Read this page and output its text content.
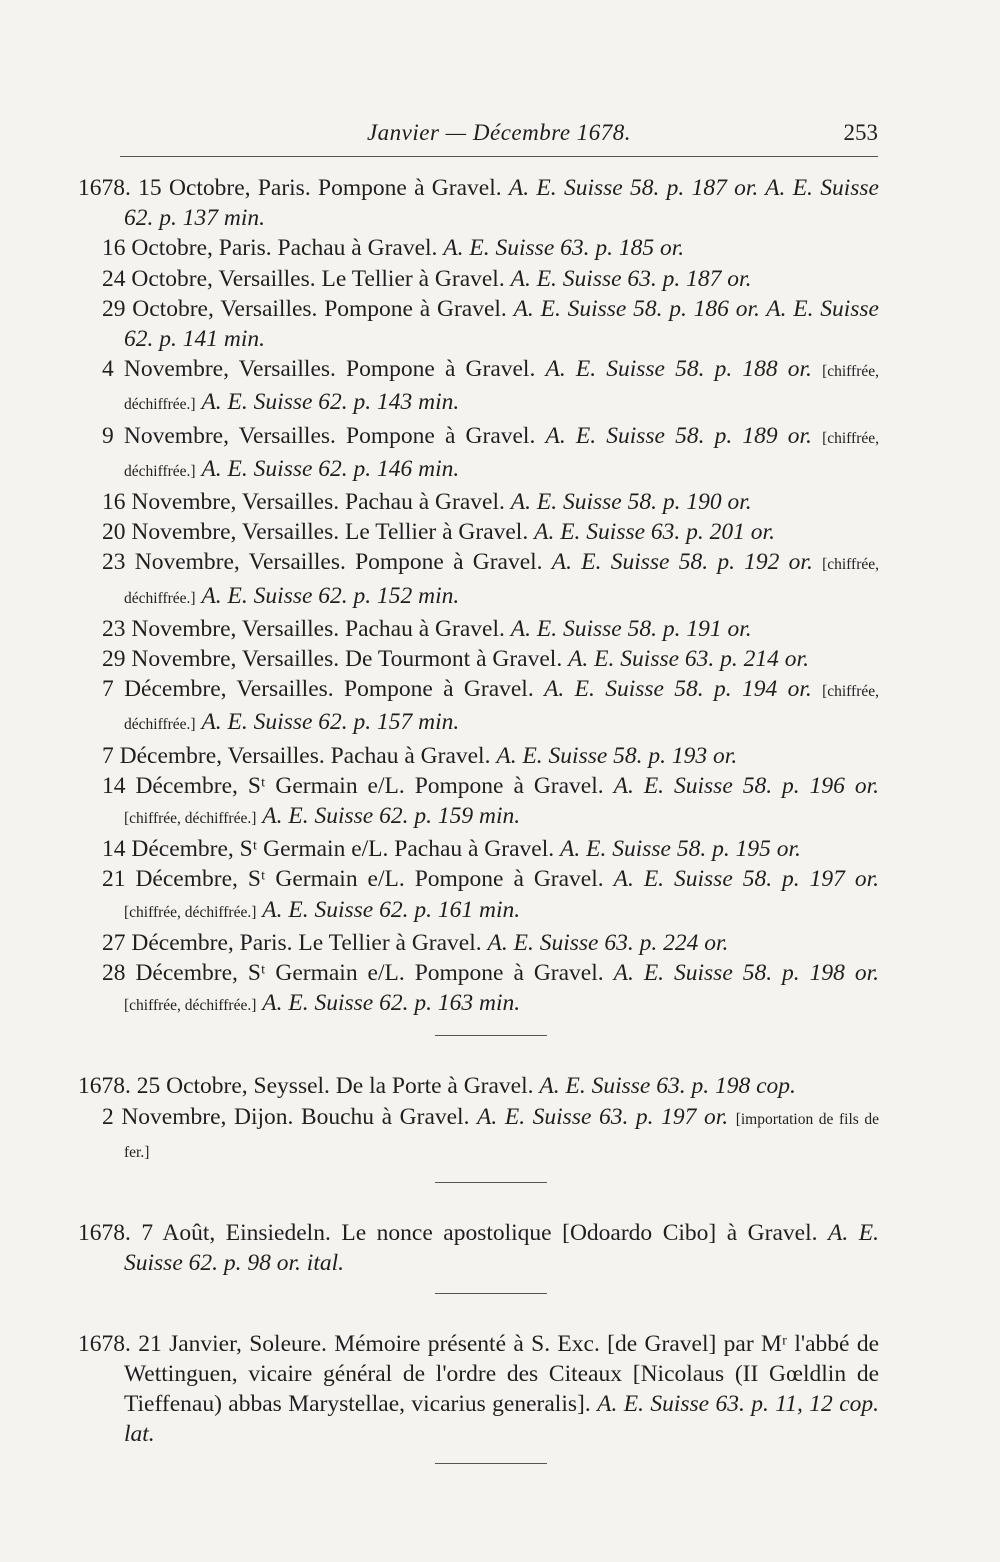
Janvier — Décembre 1678.	253

1678. 15 Octobre, Paris. Pompone à Gravel. A. E. Suisse 58. p. 187 or. A. E. Suisse 62. p. 137 min.

16 Octobre, Paris. Pachau à Gravel. A. E. Suisse 63. p. 185 or.

24 Octobre, Versailles. Le Tellier à Gravel. A. E. Suisse 63. p. 187 or.

29 Octobre, Versailles. Pompone à Gravel. A. E. Suisse 58. p. 186 or. A. E. Suisse 62. p. 141 min.

4 Novembre, Versailles. Pompone à Gravel. A. E. Suisse 58. p. 188 or. [chiffrée, déchiffrée.] A. E. Suisse 62. p. 143 min.

9 Novembre, Versailles. Pompone à Gravel. A. E. Suisse 58. p. 189 or. [chiffrée, déchiffrée.] A. E. Suisse 62. p. 146 min.

16 Novembre, Versailles. Pachau à Gravel. A. E. Suisse 58. p. 190 or.

20 Novembre, Versailles. Le Tellier à Gravel. A. E. Suisse 63. p. 201 or.

23 Novembre, Versailles. Pompone à Gravel. A. E. Suisse 58. p. 192 or. [chiffrée, déchiffrée.] A. E. Suisse 62. p. 152 min.

23 Novembre, Versailles. Pachau à Gravel. A. E. Suisse 58. p. 191 or.

29 Novembre, Versailles. De Tourmont à Gravel. A. E. Suisse 63. p. 214 or.

7 Décembre, Versailles. Pompone à Gravel. A. E. Suisse 58. p. 194 or. [chiffrée, déchiffrée.] A. E. Suisse 62. p. 157 min.

7 Décembre, Versailles. Pachau à Gravel. A. E. Suisse 58. p. 193 or.

14 Décembre, Sᵗ Germain e/L. Pompone à Gravel. A. E. Suisse 58. p. 196 or. [chiffrée, déchiffrée.] A. E. Suisse 62. p. 159 min.

14 Décembre, Sᵗ Germain e/L. Pachau à Gravel. A. E. Suisse 58. p. 195 or.

21 Décembre, Sᵗ Germain e/L. Pompone à Gravel. A. E. Suisse 58. p. 197 or. [chiffrée, déchiffrée.] A. E. Suisse 62. p. 161 min.

27 Décembre, Paris. Le Tellier à Gravel. A. E. Suisse 63. p. 224 or.

28 Décembre, Sᵗ Germain e/L. Pompone à Gravel. A. E. Suisse 58. p. 198 or. [chiffrée, déchiffrée.] A. E. Suisse 62. p. 163 min.

1678. 25 Octobre, Seyssel. De la Porte à Gravel. A. E. Suisse 63. p. 198 cop.

2 Novembre, Dijon. Bouchu à Gravel. A. E. Suisse 63. p. 197 or. [importation de fils de fer.]

1678. 7 Août, Einsiedeln. Le nonce apostolique [Odoardo Cibo] à Gravel. A. E. Suisse 62. p. 98 or. ital.

1678. 21 Janvier, Soleure. Mémoire présenté à S. Exc. [de Gravel] par Mʳ l'abbé de Wettinguen, vicaire général de l'ordre des Citeaux [Nicolaus (II Gœldlin de Tieffenau) abbas Marystellae, vicarius generalis]. A. E. Suisse 63. p. 11, 12 cop. lat.
